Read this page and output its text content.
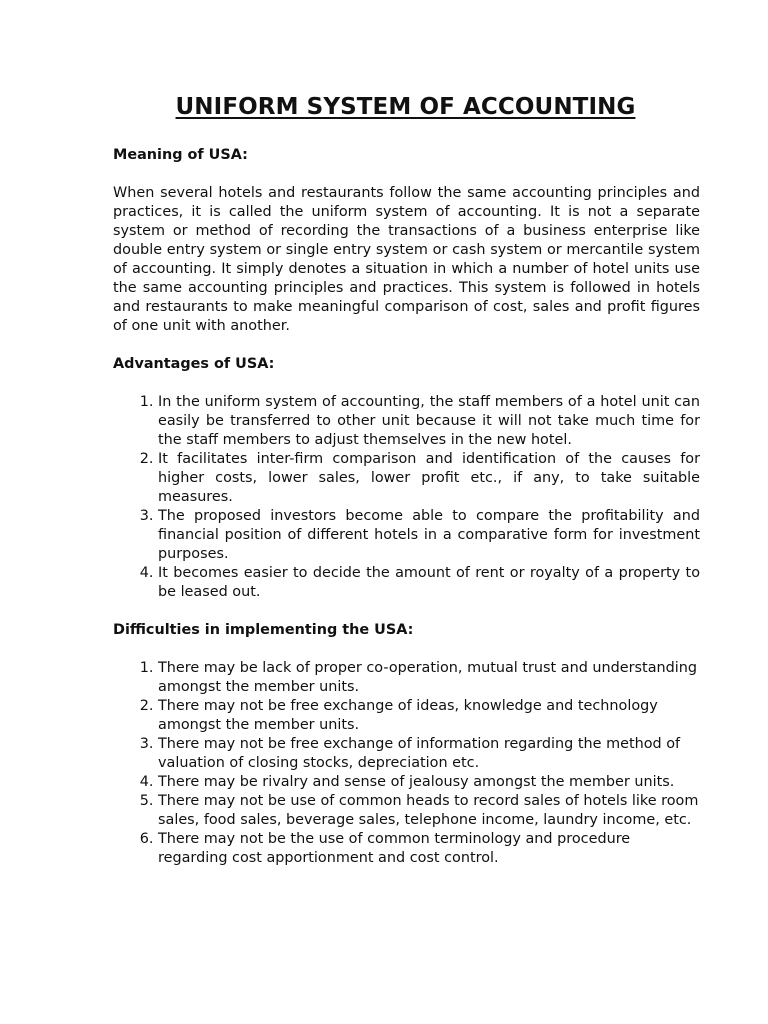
UNIFORM SYSTEM OF ACCOUNTING
Meaning of USA:

When several hotels and restaurants follow the same accounting principles and practices, it is called the uniform system of accounting. It is not a separate system or method of recording the transactions of a business enterprise like double entry system or single entry system or cash system or mercantile system of accounting. It simply denotes a situation in which a number of hotel units use the same accounting principles and practices. This system is followed in hotels and restaurants to make meaningful comparison of cost, sales and profit figures of one unit with another.

Advantages of USA:
1. In the uniform system of accounting, the staff members of a hotel unit can easily be transferred to other unit because it will not take much time for the staff members to adjust themselves in the new hotel.
2. It facilitates inter-firm comparison and identification of the causes for higher costs, lower sales, lower profit etc., if any, to take suitable measures.
3. The proposed investors become able to compare the profitability and financial position of different hotels in a comparative form for investment purposes.
4. It becomes easier to decide the amount of rent or royalty of a property to be leased out.
Difficulties in implementing the USA:
1. There may be lack of proper co-operation, mutual trust and understanding amongst the member units.
2. There may not be free exchange of ideas, knowledge and technology amongst the member units.
3. There may not be free exchange of information regarding the method of valuation of closing stocks, depreciation etc.
4. There may be rivalry and sense of jealousy amongst the member units.
5. There may not be use of common heads to record sales of hotels like room sales, food sales, beverage sales, telephone income, laundry income, etc.
6. There may not be the use of common terminology and procedure regarding cost apportionment and cost control.
